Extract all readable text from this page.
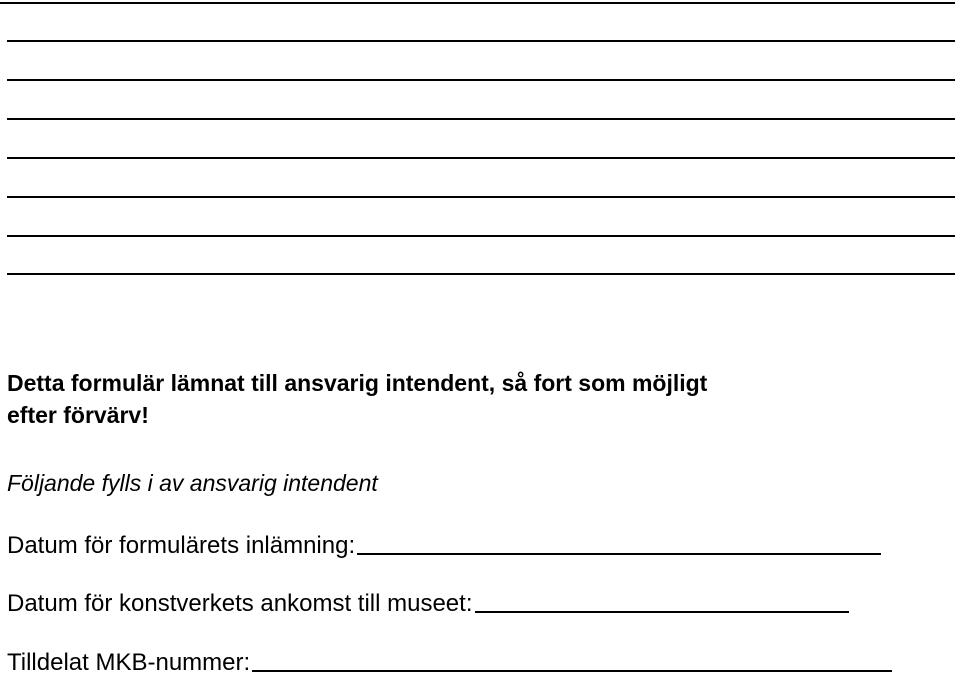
Detta formulär lämnat till ansvarig intendent, så fort som möjligt
efter förvärv!

Följande fylls i av ansvarig intendent

Datum för formulärets inlämning:
Datum för konstverkets ankomst till museet:
Tilldelat MKB-nummer:
